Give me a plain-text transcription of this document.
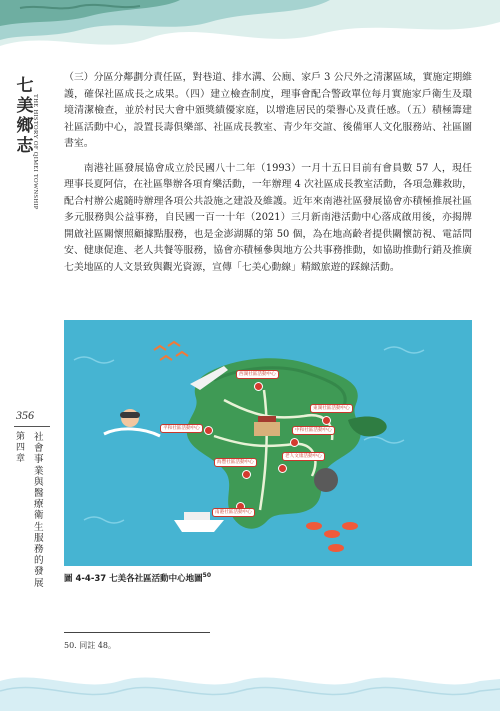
七
美
鄉
志
THE HISTORY OF QIMEI TOWNSHIP
356
第四章
社會事業與醫療衛生服務的發展

（三）分區分鄰劃分責任區，對巷道、排水溝、公廁、家戶 3 公尺外之清潔區域，實施定期維護，確保社區成長之成果。（四）建立檢查制度，理事會配合警政單位每月實施家戶衛生及環境清潔檢查，並於村民大會中頒獎績優家庭，以增進居民的榮譽心及責任感。（五）積極籌建社區活動中心，設置長壽俱樂部、社區成長教室、青少年交誼、後備軍人文化服務站、社區圖書室。

南港社區發展協會成立於民國八十二年（1993）一月十五日目前有會員數 57 人，現任理事長夏阿信，在社區舉辦各項育樂活動，一年辦理 4 次社區成長教室活動，各項急難救助，配合村辦公處隨時辦理各項公共設施之建設及維護。近年來南港社區發展協會亦積極推展社區多元服務與公益事務，自民國一百一十年（2021）三月新南港活動中心落成啟用後，亦揭牌開啟社區關懷照顧據點服務，也是金澎湖縣的第 50 個，為在地高齡者提供關懷訪視、電話問安、健康促進、老人共餐等服務，協會亦積極參與地方公共事務推動，如協助推動行銷及推廣七美地區的人文景致與觀光資源，宣傳「七美心動線」精緻旅遊的踩線活動。

西湖社區活動中心
平和社區活動中心
東湖社區活動中心
中和社區活動中心
老人文康活動中心
海豐社區活動中心
南港社區活動中心
圖 4-4-37 七美各社區活動中心地圖$^{50}$
50. 同註 48。
